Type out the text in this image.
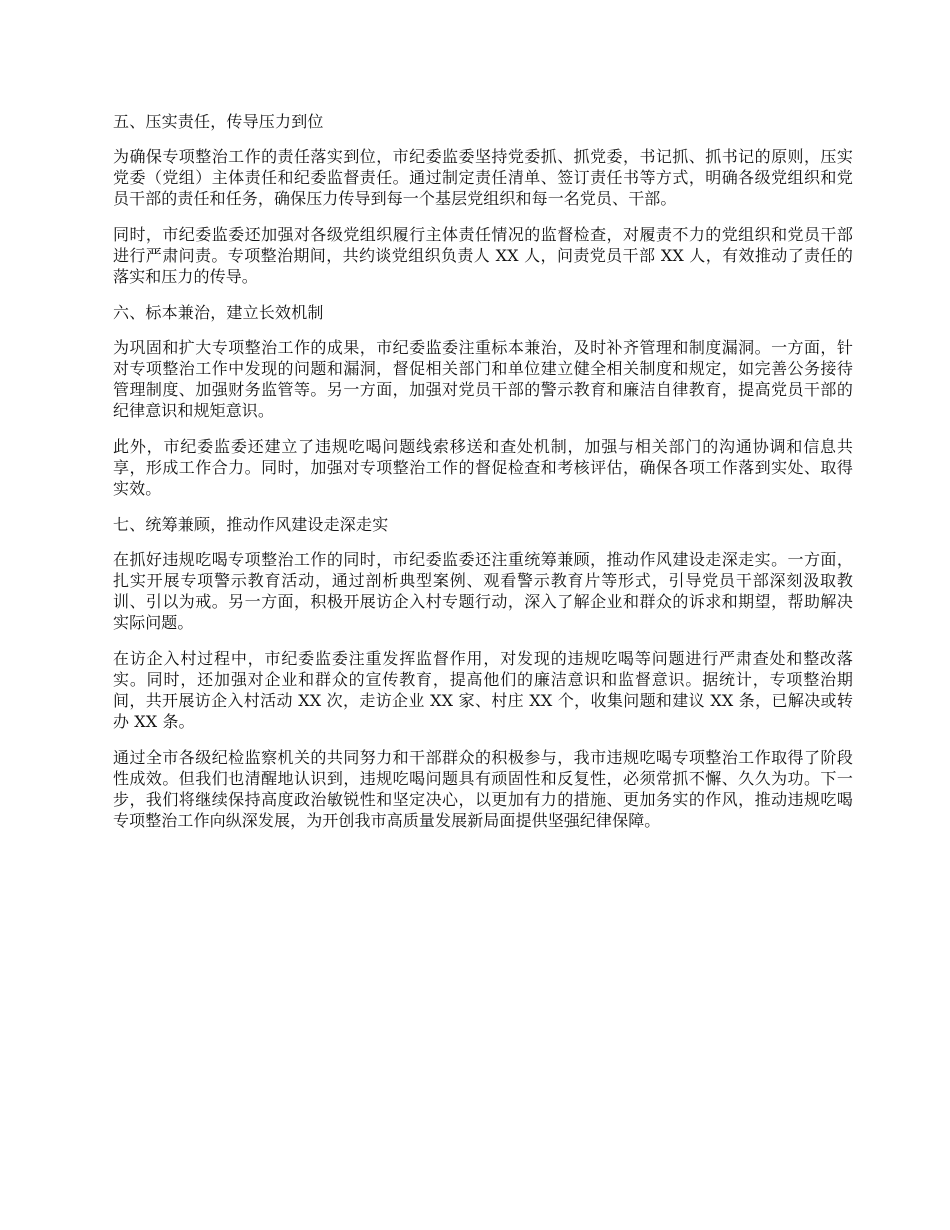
五、压实责任，传导压力到位

为确保专项整治工作的责任落实到位，市纪委监委坚持党委抓、抓党委，书记抓、抓书记的原则，压实党委（党组）主体责任和纪委监督责任。通过制定责任清单、签订责任书等方式，明确各级党组织和党员干部的责任和任务，确保压力传导到每一个基层党组织和每一名党员、干部。

同时，市纪委监委还加强对各级党组织履行主体责任情况的监督检查，对履责不力的党组织和党员干部进行严肃问责。专项整治期间，共约谈党组织负责人 XX 人，问责党员干部 XX 人，有效推动了责任的落实和压力的传导。

六、标本兼治，建立长效机制

为巩固和扩大专项整治工作的成果，市纪委监委注重标本兼治，及时补齐管理和制度漏洞。一方面，针对专项整治工作中发现的问题和漏洞，督促相关部门和单位建立健全相关制度和规定，如完善公务接待管理制度、加强财务监管等。另一方面，加强对党员干部的警示教育和廉洁自律教育，提高党员干部的纪律意识和规矩意识。

此外，市纪委监委还建立了违规吃喝问题线索移送和查处机制，加强与相关部门的沟通协调和信息共享，形成工作合力。同时，加强对专项整治工作的督促检查和考核评估，确保各项工作落到实处、取得实效。

七、统筹兼顾，推动作风建设走深走实

在抓好违规吃喝专项整治工作的同时，市纪委监委还注重统筹兼顾，推动作风建设走深走实。一方面，扎实开展专项警示教育活动，通过剖析典型案例、观看警示教育片等形式，引导党员干部深刻汲取教训、引以为戒。另一方面，积极开展访企入村专题行动，深入了解企业和群众的诉求和期望，帮助解决实际问题。

在访企入村过程中，市纪委监委注重发挥监督作用，对发现的违规吃喝等问题进行严肃查处和整改落实。同时，还加强对企业和群众的宣传教育，提高他们的廉洁意识和监督意识。据统计，专项整治期间，共开展访企入村活动 XX 次，走访企业 XX 家、村庄 XX 个，收集问题和建议 XX 条，已解决或转办 XX 条。

通过全市各级纪检监察机关的共同努力和干部群众的积极参与，我市违规吃喝专项整治工作取得了阶段性成效。但我们也清醒地认识到，违规吃喝问题具有顽固性和反复性，必须常抓不懈、久久为功。下一步，我们将继续保持高度政治敏锐性和坚定决心，以更加有力的措施、更加务实的作风，推动违规吃喝专项整治工作向纵深发展，为开创我市高质量发展新局面提供坚强纪律保障。
